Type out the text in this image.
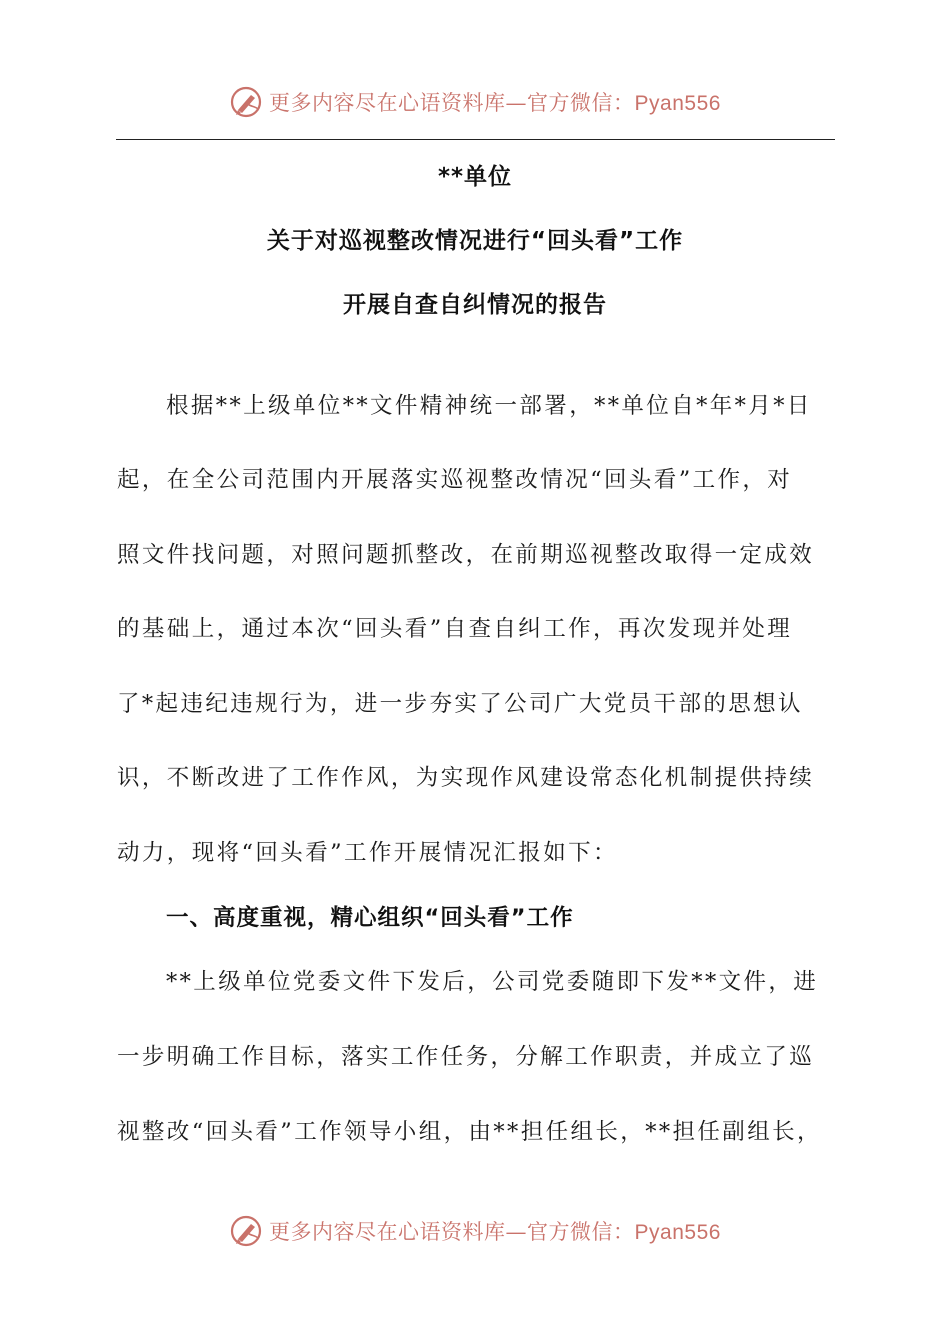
更多内容尽在心语资料库—官方微信：Pyan556
**单位
关于对巡视整改情况进行“回头看”工作
开展自查自纠情况的报告
根据**上级单位**文件精神统一部署，**单位自*年*月*日
起，在全公司范围内开展落实巡视整改情况“回头看”工作，对
照文件找问题，对照问题抓整改，在前期巡视整改取得一定成效
的基础上，通过本次“回头看”自查自纠工作，再次发现并处理
了*起违纪违规行为，进一步夯实了公司广大党员干部的思想认
识，不断改进了工作作风，为实现作风建设常态化机制提供持续
动力，现将“回头看”工作开展情况汇报如下：
一、高度重视，精心组织“回头看”工作
**上级单位党委文件下发后，公司党委随即下发**文件，进
一步明确工作目标，落实工作任务，分解工作职责，并成立了巡
视整改“回头看”工作领导小组，由**担任组长，**担任副组长，
更多内容尽在心语资料库—官方微信：Pyan556
